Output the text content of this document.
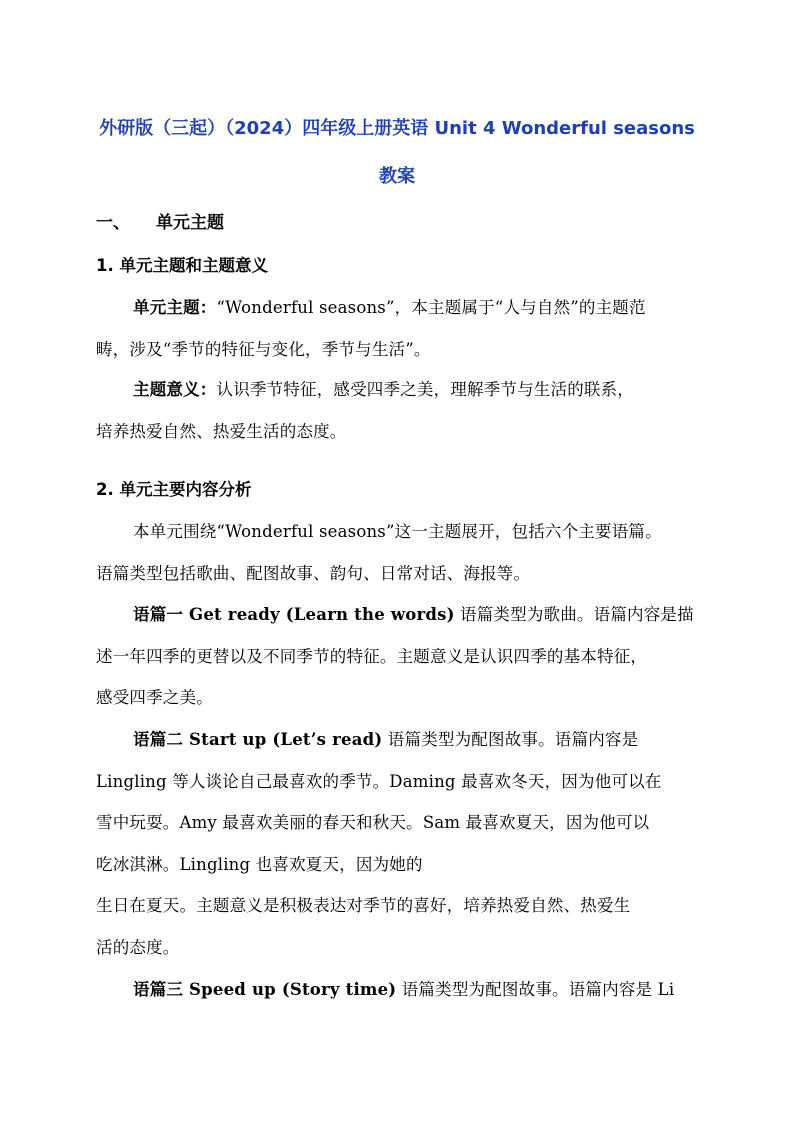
外研版（三起）（2024）四年级上册英语 Unit 4 Wonderful seasons
教案
一、 单元主题
1. 单元主题和主题意义
单元主题：“Wonderful seasons”，本主题属于“人与自然”的主题范
畴，涉及“季节的特征与变化，季节与生活”。
主题意义：认识季节特征，感受四季之美，理解季节与生活的联系，
培养热爱自然、热爱生活的态度。
2. 单元主要内容分析
本单元围绕“Wonderful seasons”这一主题展开，包括六个主要语篇。
语篇类型包括歌曲、配图故事、韵句、日常对话、海报等。
语篇一 Get ready (Learn the words) 语篇类型为歌曲。语篇内容是描
述一年四季的更替以及不同季节的特征。主题意义是认识四季的基本特征，
感受四季之美。
语篇二 Start up (Let’s read) 语篇类型为配图故事。语篇内容是
Lingling 等人谈论自己最喜欢的季节。Daming 最喜欢冬天，因为他可以在
雪中玩耍。Amy 最喜欢美丽的春天和秋天。Sam 最喜欢夏天，因为他可以
吃冰淇淋。Lingling 也喜欢夏天，因为她的
生日在夏天。主题意义是积极表达对季节的喜好，培养热爱自然、热爱生
活的态度。
语篇三 Speed up (Story time) 语篇类型为配图故事。语篇内容是 Li
